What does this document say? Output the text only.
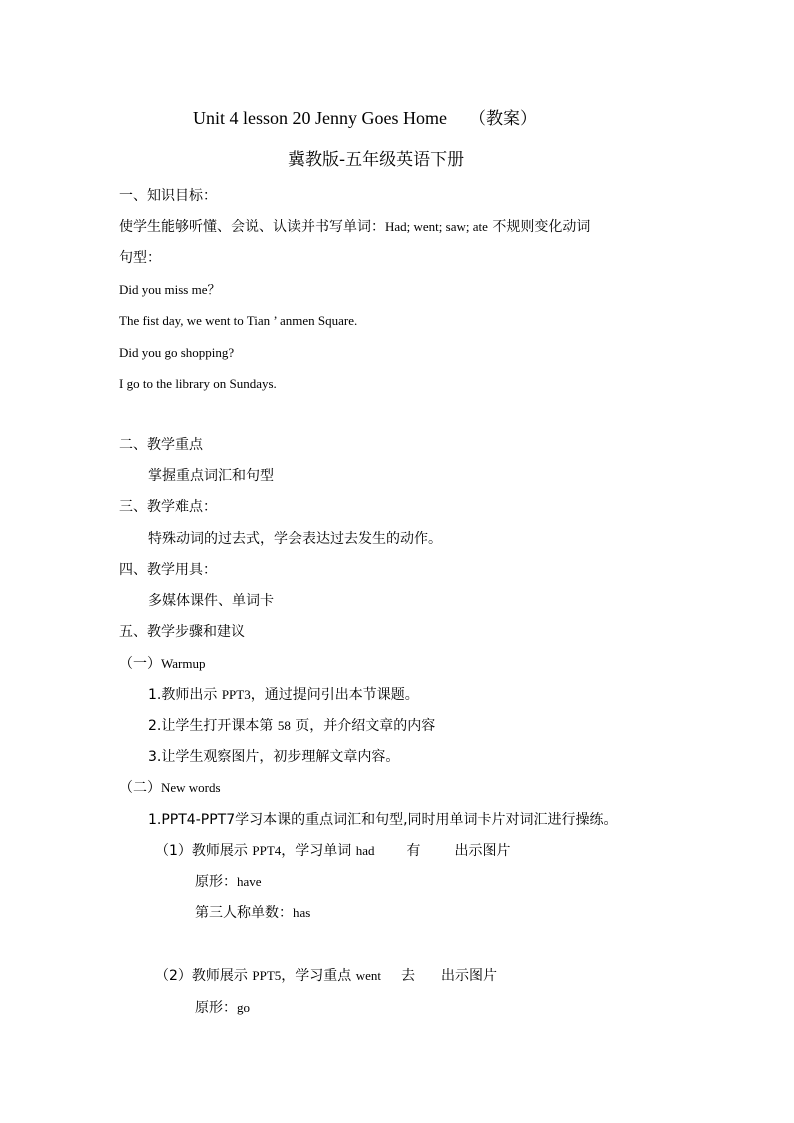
Unit 4 lesson 20 Jenny Goes Home （教案）
冀教版-五年级英语下册
一、知识目标：
使学生能够听懂、会说、认读并书写单词：Had; went; saw; ate 不规则变化动词
句型：
Did you miss me？
The fist day, we went to Tian ’ anmen Square.
Did you go shopping?
I go to the library on Sundays.
二、教学重点
掌握重点词汇和句型
三、教学难点：
特殊动词的过去式，学会表达过去发生的动作。
四、教学用具：
多媒体课件、单词卡
五、教学步骤和建议
（一）Warmup
1.教师出示 PPT3，通过提问引出本节课题。
2.让学生打开课本第 58 页，并介绍文章的内容
3.让学生观察图片，初步理解文章内容。
（二）New words
1.PPT4-PPT7学习本课的重点词汇和句型,同时用单词卡片对词汇进行操练。
（1）教师展示 PPT4，学习单词 had 有 出示图片
原形：have
第三人称单数：has
（2）教师展示 PPT5，学习重点 went 去 出示图片
原形：go
